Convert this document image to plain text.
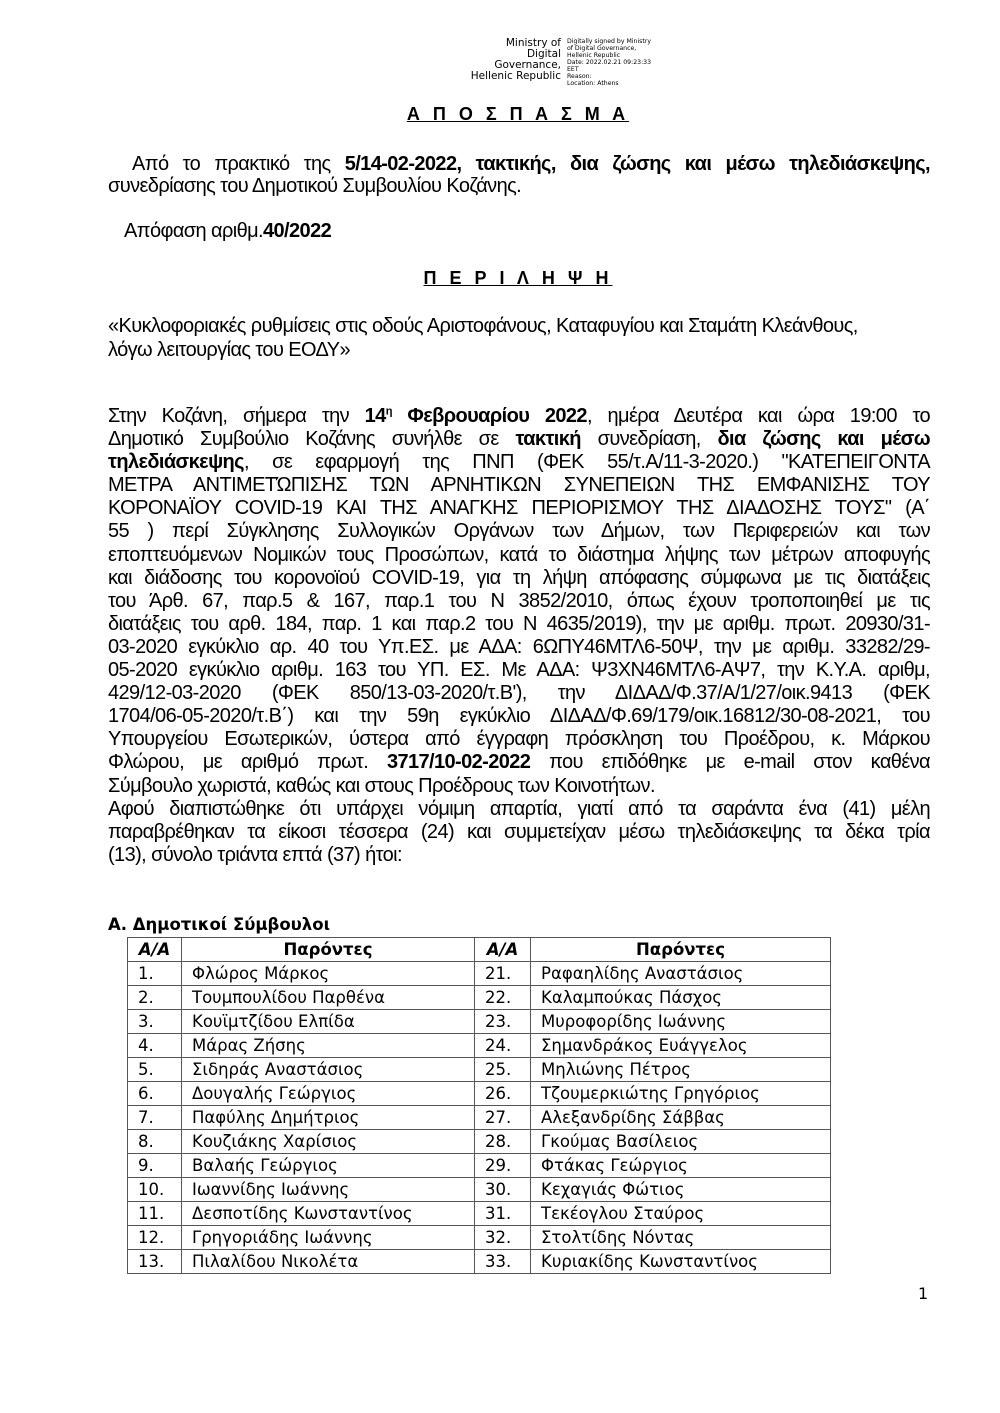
Ministry of Digital
Governance,
Hellenic Republic
Digitally signed by Ministry
of Digital Governance,
Hellenic Republic
Date: 2022.02.21 09:23:33
EET
Reason:
Location: Athens
Α Π Ο Σ Π Α Σ Μ Α
Από το πρακτικό της 5/14-02-2022, τακτικής, δια ζώσης και μέσω τηλεδιάσκεψης,
συνεδρίασης του Δημοτικού Συμβουλίου Κοζάνης.
Απόφαση αριθμ.40/2022
Π Ε Ρ Ι Λ Η Ψ Η
«Κυκλοφοριακές ρυθμίσεις στις οδούς Αριστοφάνους, Καταφυγίου και Σταμάτη Κλεάνθους,
λόγω λειτουργίας του ΕΟΔΥ»
Στην Κοζάνη, σήμερα την $14^\eta$ Φεβρουαρίου 2022, ημέρα Δευτέρα και ώρα 19:00 το
Δημοτικό Συμβούλιο Κοζάνης συνήλθε σε τακτική συνεδρίαση, δια ζώσης και μέσω
τηλεδιάσκεψης, σε εφαρμογή της ΠΝΠ (ΦΕΚ 55/τ.Α/11-3-2020.) "ΚΑΤΕΠΕΙΓΟΝΤΑ
ΜΕΤΡΑ ΑΝΤΙΜΕΤΏΠΙΣΗΣ ΤΩΝ ΑΡΝΗΤΙΚΩΝ ΣΥΝΕΠΕΙΩΝ ΤΗΣ ΕΜΦΑΝΙΣΗΣ ΤΟΥ
ΚΟΡΟΝΑΪΟΥ COVID-19 ΚΑΙ ΤΗΣ ΑΝΑΓΚΗΣ ΠΕΡΙΟΡΙΣΜΟΥ ΤΗΣ ΔΙΑΔΟΣΗΣ ΤΟΥΣ" (Α΄
55 ) περί Σύγκλησης Συλλογικών Οργάνων των Δήμων, των Περιφερειών και των
εποπτευόμενων Νομικών τους Προσώπων, κατά το διάστημα λήψης των μέτρων αποφυγής
και διάδοσης του κορονοϊού COVID-19, για τη λήψη απόφασης σύμφωνα με τις διατάξεις
του Άρθ. 67, παρ.5 & 167, παρ.1 του Ν 3852/2010, όπως έχουν τροποποιηθεί με τις
διατάξεις του αρθ. 184, παρ. 1 και παρ.2 του Ν 4635/2019), την με αριθμ. πρωτ. 20930/31-
03-2020 εγκύκλιο αρ. 40 του Υπ.ΕΣ. με ΑΔΑ: 6ΩΠΥ46ΜΤΛ6-50Ψ, την με αριθμ. 33282/29-
05-2020 εγκύκλιο αριθμ. 163 του ΥΠ. ΕΣ. Με ΑΔΑ: Ψ3ΧΝ46ΜΤΛ6-ΑΨ7, την Κ.Υ.Α. αριθμ,
429/12-03-2020 (ΦΕΚ 850/13-03-2020/τ.Β'), την ΔΙΔΑΔ/Φ.37/Α/1/27/οικ.9413 (ΦΕΚ
1704/06-05-2020/τ.Β΄) και την 59η εγκύκλιο ΔΙΔΑΔ/Φ.69/179/οικ.16812/30-08-2021, του
Υπουργείου Εσωτερικών, ύστερα από έγγραφη πρόσκληση του Προέδρου, κ. Μάρκου
Φλώρου, με αριθμό πρωτ. 3717/10-02-2022 που επιδόθηκε με e-mail στον καθένα
Σύμβουλο χωριστά, καθώς και στους Προέδρους των Κοινοτήτων.
Αφού διαπιστώθηκε ότι υπάρχει νόμιμη απαρτία, γιατί από τα σαράντα ένα (41) μέλη
παραβρέθηκαν τα είκοσι τέσσερα (24) και συμμετείχαν μέσω τηλεδιάσκεψης τα δέκα τρία
(13), σύνολο τριάντα επτά (37) ήτοι:
Α. Δημοτικοί Σύμβουλοι
Α/Α	Παρόντες	Α/Α	Παρόντες
1.	Φλώρος Μάρκος	21.	Ραφαηλίδης Αναστάσιος
2.	Τουμπουλίδου Παρθένα	22.	Καλαμπούκας Πάσχος
3.	Κουϊμτζίδου Ελπίδα	23.	Μυροφορίδης Ιωάννης
4.	Μάρας Ζήσης	24.	Σημανδράκος Ευάγγελος
5.	Σιδηράς Αναστάσιος	25.	Μηλιώνης Πέτρος
6.	Δουγαλής Γεώργιος	26.	Τζουμερκιώτης Γρηγόριος
7.	Παφύλης Δημήτριος	27.	Αλεξανδρίδης Σάββας
8.	Κουζιάκης Χαρίσιος	28.	Γκούμας Βασίλειος
9.	Βαλαής Γεώργιος	29.	Φτάκας Γεώργιος
10.	Ιωαννίδης Ιωάννης	30.	Κεχαγιάς Φώτιος
11.	Δεσποτίδης Κωνσταντίνος	31.	Τεκέογλου Σταύρος
12.	Γρηγοριάδης Ιωάννης	32.	Στολτίδης Νόντας
13.	Πιλαλίδου Νικολέτα	33.	Κυριακίδης Κωνσταντίνος
1
